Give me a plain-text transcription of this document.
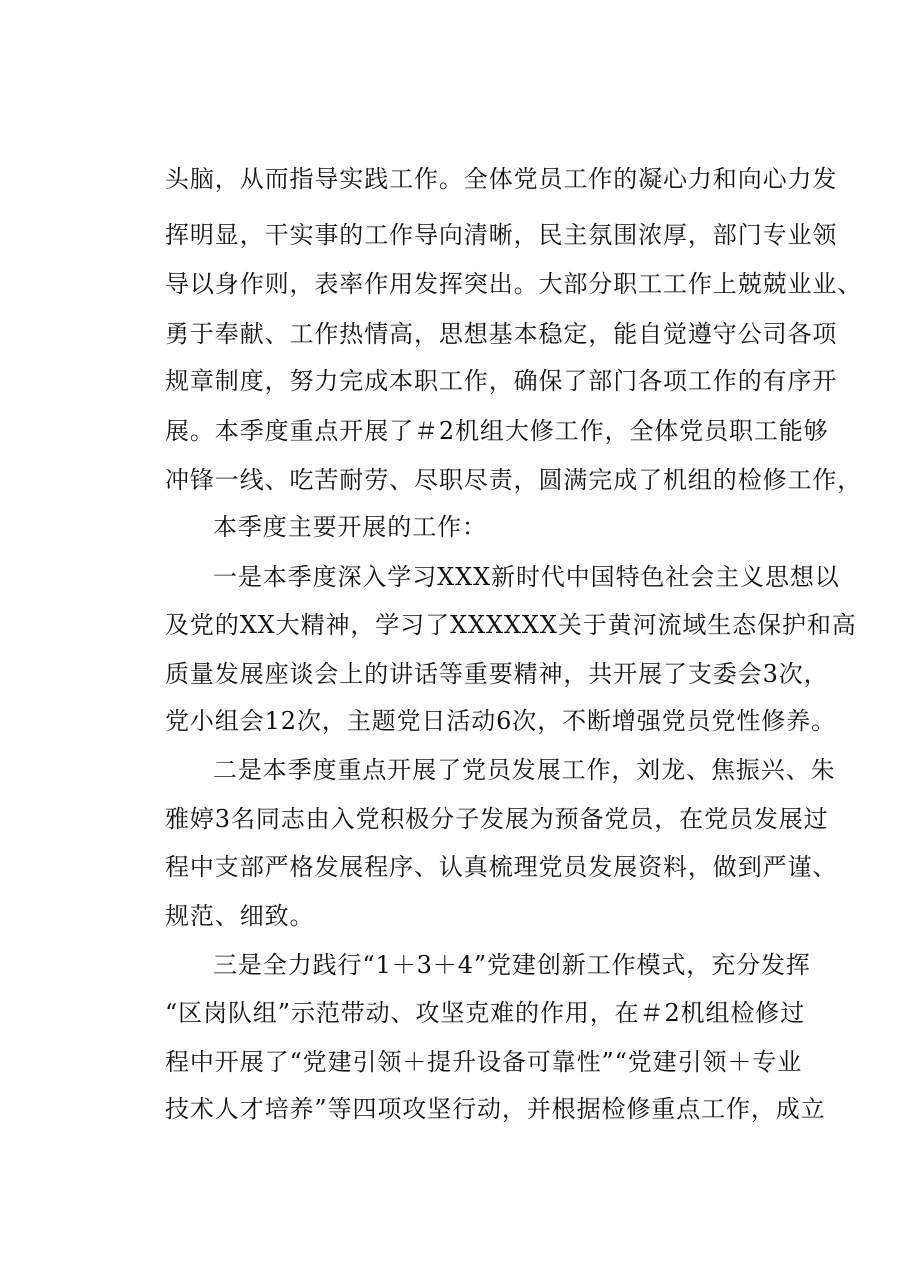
头脑，从而指导实践工作。全体党员工作的凝心力和向心力发
挥明显，干实事的工作导向清晰，民主氛围浓厚，部门专业领
导以身作则，表率作用发挥突出。大部分职工工作上兢兢业业、
勇于奉献、工作热情高，思想基本稳定，能自觉遵守公司各项
规章制度，努力完成本职工作，确保了部门各项工作的有序开
展。本季度重点开展了＃2机组大修工作，全体党员职工能够
冲锋一线、吃苦耐劳、尽职尽责，圆满完成了机组的检修工作，
本季度主要开展的工作：
一是本季度深入学习XXX新时代中国特色社会主义思想以
及党的XX大精神，学习了XXXXXX关于黄河流域生态保护和高
质量发展座谈会上的讲话等重要精神，共开展了支委会3次，
党小组会12次，主题党日活动6次，不断增强党员党性修养。
二是本季度重点开展了党员发展工作，刘龙、焦振兴、朱
雅婷3名同志由入党积极分子发展为预备党员，在党员发展过
程中支部严格发展程序、认真梳理党员发展资料，做到严谨、
规范、细致。
三是全力践行“1＋3＋4”党建创新工作模式，充分发挥
“区岗队组”示范带动、攻坚克难的作用，在＃2机组检修过
程中开展了“党建引领＋提升设备可靠性”“党建引领＋专业
技术人才培养”等四项攻坚行动，并根据检修重点工作，成立
